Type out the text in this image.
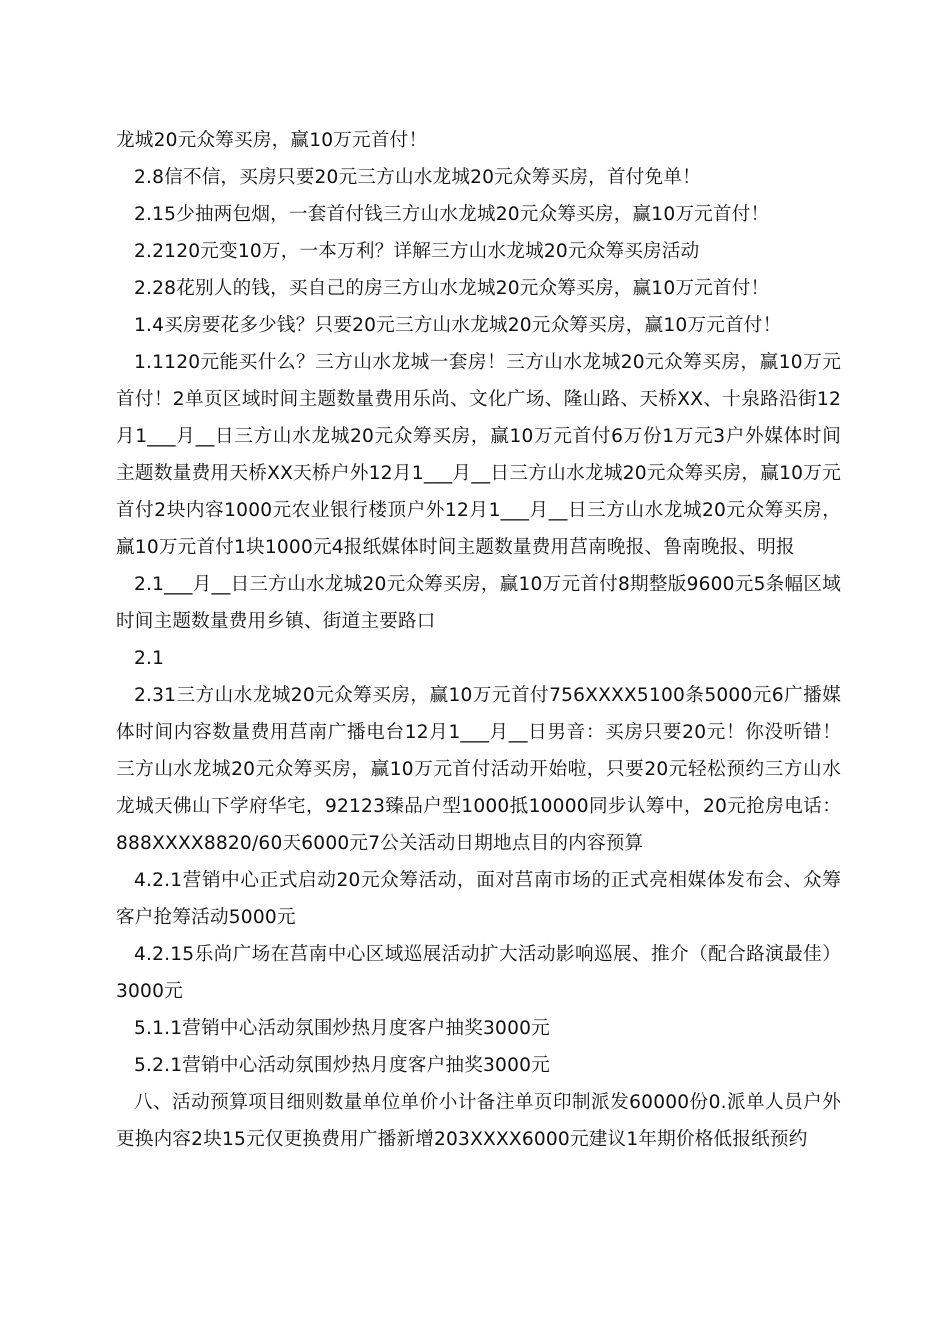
龙城20元众筹买房，赢10万元首付！

2.8信不信，买房只要20元三方山水龙城20元众筹买房，首付免单！

2.15少抽两包烟，一套首付钱三方山水龙城20元众筹买房，赢10万元首付！

2.2120元变10万，一本万利？详解三方山水龙城20元众筹买房活动

2.28花别人的钱，买自己的房三方山水龙城20元众筹买房，赢10万元首付！

1.4买房要花多少钱？只要20元三方山水龙城20元众筹买房，赢10万元首付！

1.1120元能买什么？三方山水龙城一套房！三方山水龙城20元众筹买房，赢10万元首付！2单页区域时间主题数量费用乐尚、文化广场、隆山路、天桥XX、十泉路沿街12月1___月__日三方山水龙城20元众筹买房，赢10万元首付6万份1万元3户外媒体时间主题数量费用天桥XX天桥户外12月1___月__日三方山水龙城20元众筹买房，赢10万元首付2块内容1000元农业银行楼顶户外12月1___月__日三方山水龙城20元众筹买房，赢10万元首付1块1000元4报纸媒体时间主题数量费用莒南晚报、鲁南晚报、明报

2.1___月__日三方山水龙城20元众筹买房，赢10万元首付8期整版9600元5条幅区域时间主题数量费用乡镇、街道主要路口

2.1

2.31三方山水龙城20元众筹买房，赢10万元首付756XXXX5100条5000元6广播媒体时间内容数量费用莒南广播电台12月1___月__日男音：买房只要20元！你没听错！三方山水龙城20元众筹买房，赢10万元首付活动开始啦，只要20元轻松预约三方山水龙城天佛山下学府华宅，92123臻品户型1000抵10000同步认筹中，20元抢房电话：888XXXX8820/60天6000元7公关活动日期地点目的内容预算

4.2.1营销中心正式启动20元众筹活动，面对莒南市场的正式亮相媒体发布会、众筹客户抢筹活动5000元

4.2.15乐尚广场在莒南中心区域巡展活动扩大活动影响巡展、推介（配合路演最佳）3000元

5.1.1营销中心活动氛围炒热月度客户抽奖3000元

5.2.1营销中心活动氛围炒热月度客户抽奖3000元

八、活动预算项目细则数量单位单价小计备注单页印制派发60000份0.派单人员户外更换内容2块15元仅更换费用广播新增203XXXX6000元建议1年期价格低报纸预约
